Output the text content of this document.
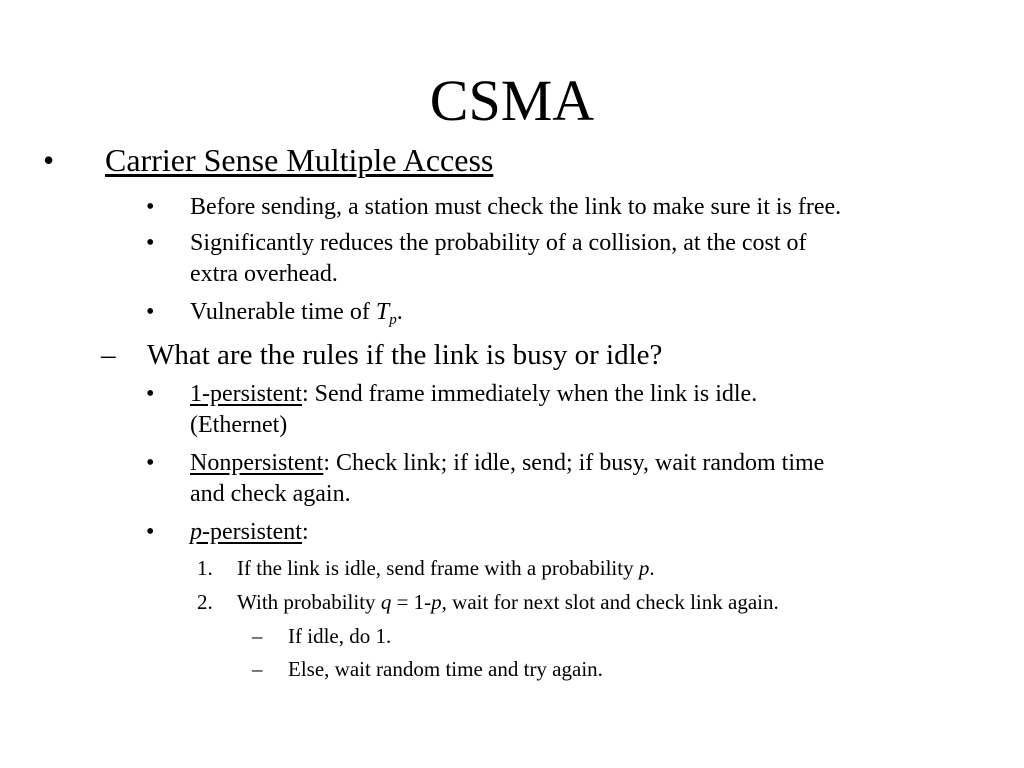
CSMA
• Carrier Sense Multiple Access
• Before sending, a station must check the link to make sure it is free.
• Significantly reduces the probability of a collision, at the cost of
extra overhead.
• Vulnerable time of $T_p$.
– What are the rules if the link is busy or idle?
• 1-persistent: Send frame immediately when the link is idle.
(Ethernet)
• Nonpersistent: Check link; if idle, send; if busy, wait random time
and check again.
• p-persistent:
1. If the link is idle, send frame with a probability p.
2. With probability q = 1-p, wait for next slot and check link again.
– If idle, do 1.
– Else, wait random time and try again.
